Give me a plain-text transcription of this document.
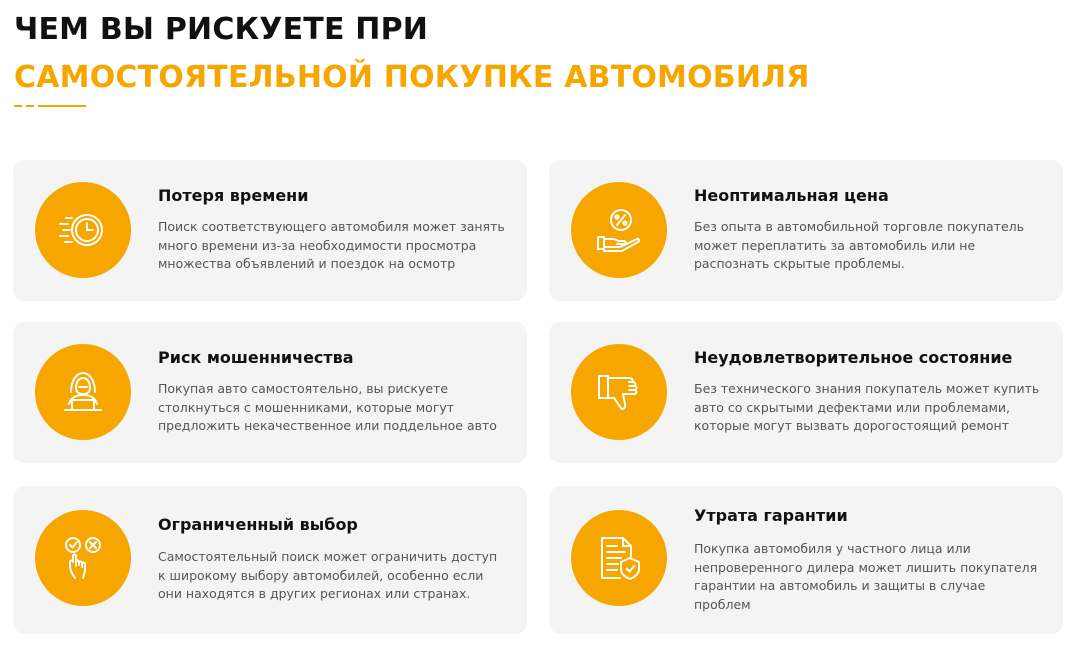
ЧЕМ ВЫ РИСКУЕТЕ ПРИ
САМОСТОЯТЕЛЬНОЙ ПОКУПКЕ АВТОМОБИЛЯ
Потеря времени

Поиск соответствующего автомобиля может занять много времени из-за необходимости просмотра множества объявлений и поездок на осмотр

Неоптимальная цена

Без опыта в автомобильной торговле покупатель может переплатить за автомобиль или не распознать скрытые проблемы.

Риск мошенничества

Покупая авто самостоятельно, вы рискуете столкнуться с мошенниками, которые могут предложить некачественное или поддельное авто

Неудовлетворительное состояние

Без технического знания покупатель может купить авто со скрытыми дефектами или проблемами, которые могут вызвать дорогостоящий ремонт

Ограниченный выбор

Самостоятельный поиск может ограничить доступ к широкому выбору автомобилей, особенно если они находятся в других регионах или странах.

Утрата гарантии

Покупка автомобиля у частного лица или непроверенного дилера может лишить покупателя гарантии на автомобиль и защиты в случае проблем
